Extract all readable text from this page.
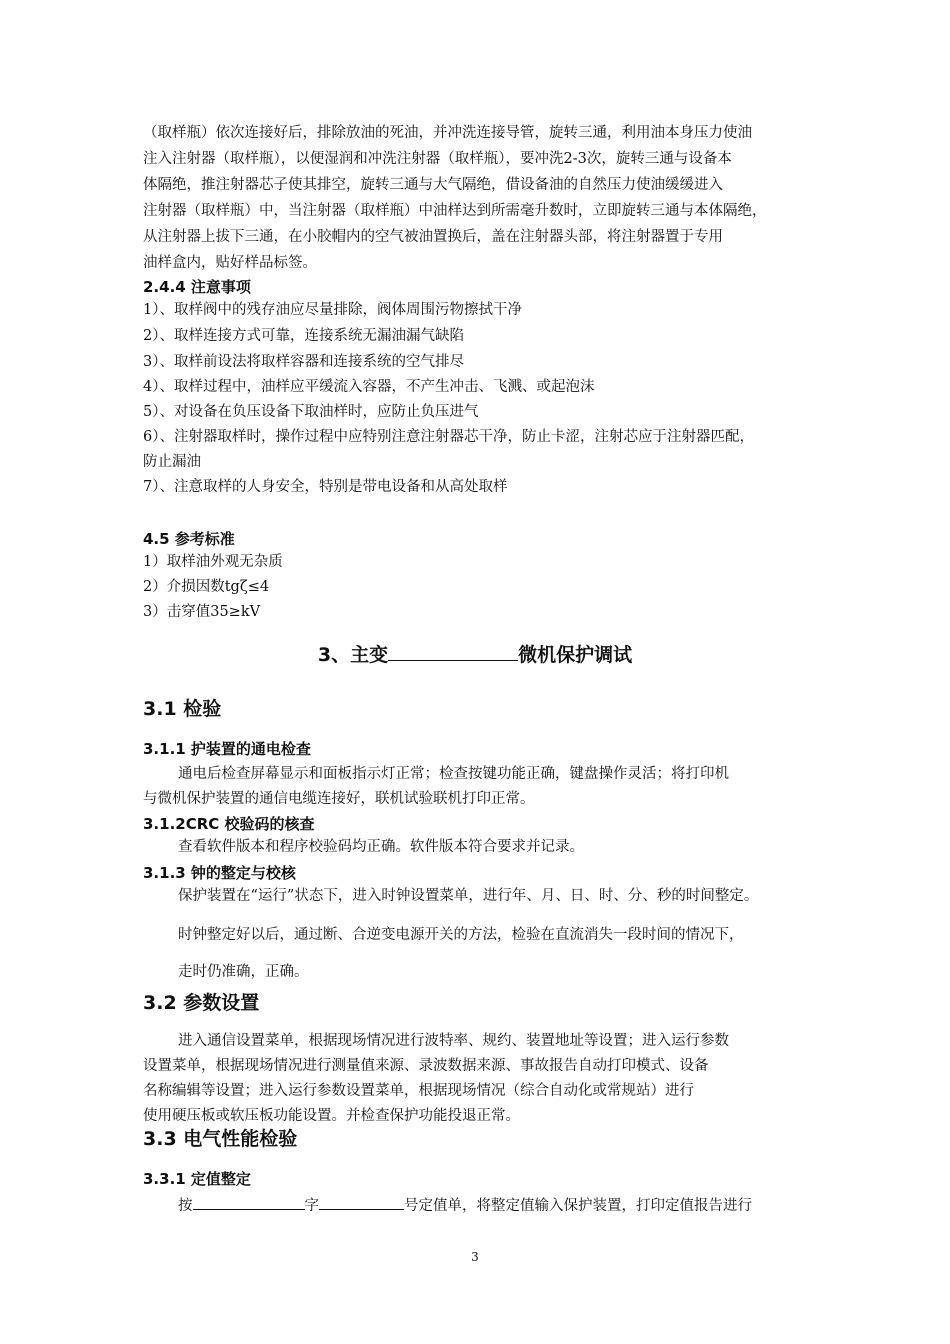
（取样瓶）依次连接好后，排除放油的死油，并冲洗连接导管，旋转三通，利用油本身压力使油
注入注射器（取样瓶），以便湿润和冲洗注射器（取样瓶），要冲洗2-3次，旋转三通与设备本
体隔绝，推注射器芯子使其排空，旋转三通与大气隔绝，借设备油的自然压力使油缓缓进入
注射器（取样瓶）中，当注射器（取样瓶）中油样达到所需毫升数时，立即旋转三通与本体隔绝，
从注射器上拔下三通，在小胶帽内的空气被油置换后，盖在注射器头部，将注射器置于专用
油样盒内，贴好样品标签。
2.4.4 注意事项
1）、取样阀中的残存油应尽量排除，阀体周围污物擦拭干净
2）、取样连接方式可靠，连接系统无漏油漏气缺陷
3）、取样前设法将取样容器和连接系统的空气排尽
4）、取样过程中，油样应平缓流入容器，不产生冲击、飞溅、或起泡沫
5）、对设备在负压设备下取油样时，应防止负压进气
6）、注射器取样时，操作过程中应特别注意注射器芯干净，防止卡涩，注射芯应于注射器匹配，
防止漏油
7）、注意取样的人身安全，特别是带电设备和从高处取样
4.5 参考标准
1）取样油外观无杂质
2）介损因数tgζ≤4
3）击穿值35≥kV
3、主变	微机保护调试
3.1 检验
3.1.1 护装置的通电检查
通电后检查屏幕显示和面板指示灯正常；检查按键功能正确，键盘操作灵活；将打印机
与微机保护装置的通信电缆连接好，联机试验联机打印正常。
3.1.2CRC 校验码的核查
查看软件版本和程序校验码均正确。软件版本符合要求并记录。
3.1.3 钟的整定与校核
保护装置在“运行”状态下，进入时钟设置菜单，进行年、月、日、时、分、秒的时间整定。
时钟整定好以后，通过断、合逆变电源开关的方法，检验在直流消失一段时间的情况下，
走时仍准确，正确。
3.2 参数设置
进入通信设置菜单，根据现场情况进行波特率、规约、装置地址等设置；进入运行参数
设置菜单，根据现场情况进行测量值来源、录波数据来源、事故报告自动打印模式、设备
名称编辑等设置；进入运行参数设置菜单，根据现场情况（综合自动化或常规站）进行
使用硬压板或软压板功能设置。并检查保护功能投退正常。
3.3 电气性能检验
3.3.1 定值整定
按	字	号定值单，将整定值输入保护装置，打印定值报告进行
3
